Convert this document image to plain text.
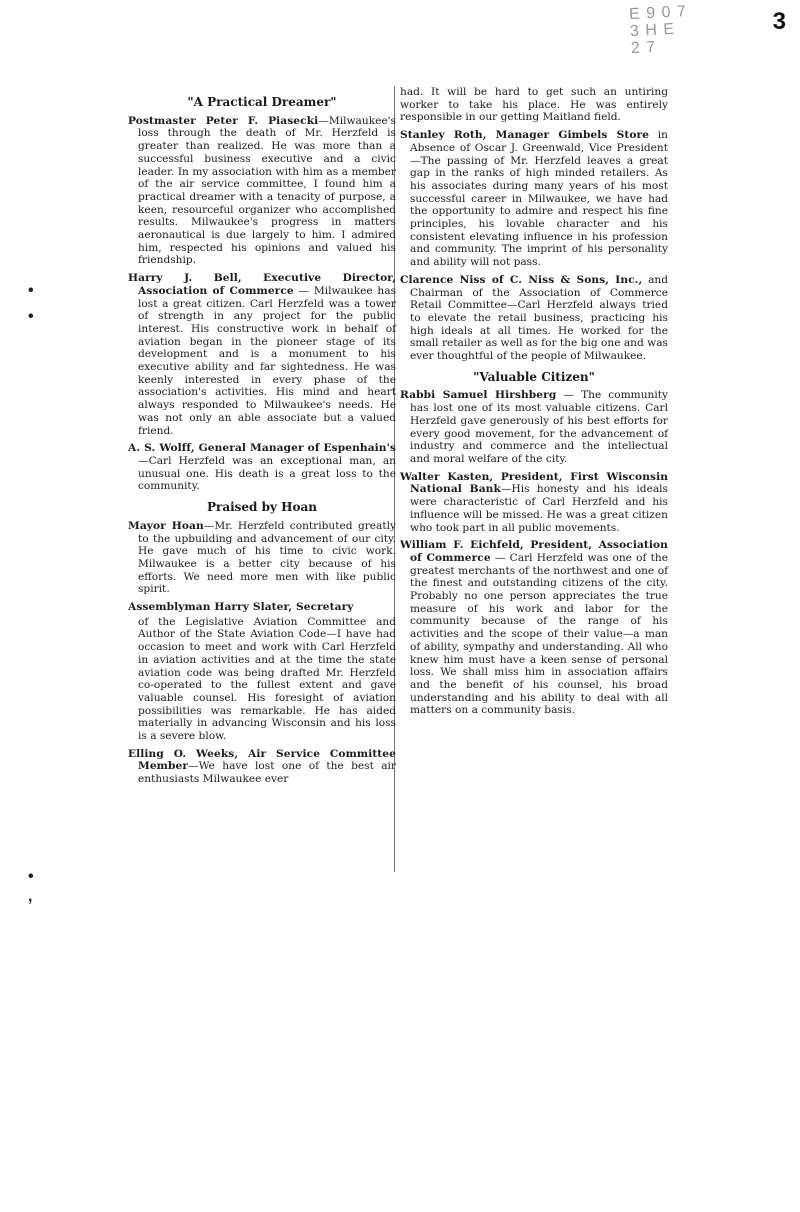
3
E 9 0 7
3 H E
2 7
•
•
•
,
"A Practical Dreamer"

Postmaster Peter F. Piasecki—Milwaukee's loss through the death of Mr. Herzfeld is greater than realized. He was more than a successful business executive and a civic leader. In my association with him as a member of the air service committee, I found him a practical dreamer with a tenacity of purpose, a keen, resourceful organizer who accomplished results. Milwaukee's progress in matters aeronautical is due largely to him. I admired him, respected his opinions and valued his friendship.

Harry J. Bell, Executive Director, Association of Commerce — Milwaukee has lost a great citizen. Carl Herzfeld was a tower of strength in any project for the public interest. His constructive work in behalf of aviation began in the pioneer stage of its development and is a monument to his executive ability and far sightedness. He was keenly interested in every phase of the association's activities. His mind and heart always responded to Milwaukee's needs. He was not only an able associate but a valued friend.

A. S. Wolff, General Manager of Espenhain's—Carl Herzfeld was an exceptional man, an unusual one. His death is a great loss to the community.

Praised by Hoan

Mayor Hoan—Mr. Herzfeld contributed greatly to the upbuilding and advancement of our city. He gave much of his time to civic work. Milwaukee is a better city because of his efforts. We need more men with like public spirit.

Assemblyman Harry Slater, Secretary

of the Legislative Aviation Committee and Author of the State Aviation Code—I have had occasion to meet and work with Carl Herzfeld in aviation activities and at the time the state aviation code was being drafted Mr. Herzfeld co-operated to the fullest extent and gave valuable counsel. His foresight of aviation possibilities was remarkable. He has aided materially in advancing Wisconsin and his loss is a severe blow.

Elling O. Weeks, Air Service Committee Member—We have lost one of the best air enthusiasts Milwaukee ever

had. It will be hard to get such an untiring worker to take his place. He was entirely responsible in our getting Maitland field.

Stanley Roth, Manager Gimbels Store in Absence of Oscar J. Greenwald, Vice President—The passing of Mr. Herzfeld leaves a great gap in the ranks of high minded retailers. As his associates during many years of his most successful career in Milwaukee, we have had the opportunity to admire and respect his fine principles, his lovable character and his consistent elevating influence in his profession and community. The imprint of his personality and ability will not pass.

Clarence Niss of C. Niss & Sons, Inc., and Chairman of the Association of Commerce Retail Committee—Carl Herzfeld always tried to elevate the retail business, practicing his high ideals at all times. He worked for the small retailer as well as for the big one and was ever thoughtful of the people of Milwaukee.

"Valuable Citizen"

Rabbi Samuel Hirshberg — The community has lost one of its most valuable citizens. Carl Herzfeld gave generously of his best efforts for every good movement, for the advancement of industry and commerce and the intellectual and moral welfare of the city.

Walter Kasten, President, First Wisconsin National Bank—His honesty and his ideals were characteristic of Carl Herzfeld and his influence will be missed. He was a great citizen who took part in all public movements.

William F. Eichfeld, President, Association of Commerce — Carl Herzfeld was one of the greatest merchants of the northwest and one of the finest and outstanding citizens of the city. Probably no one person appreciates the true measure of his work and labor for the community because of the range of his activities and the scope of their value—a man of ability, sympathy and understanding. All who knew him must have a keen sense of personal loss. We shall miss him in association affairs and the benefit of his counsel, his broad understanding and his ability to deal with all matters on a community basis.
